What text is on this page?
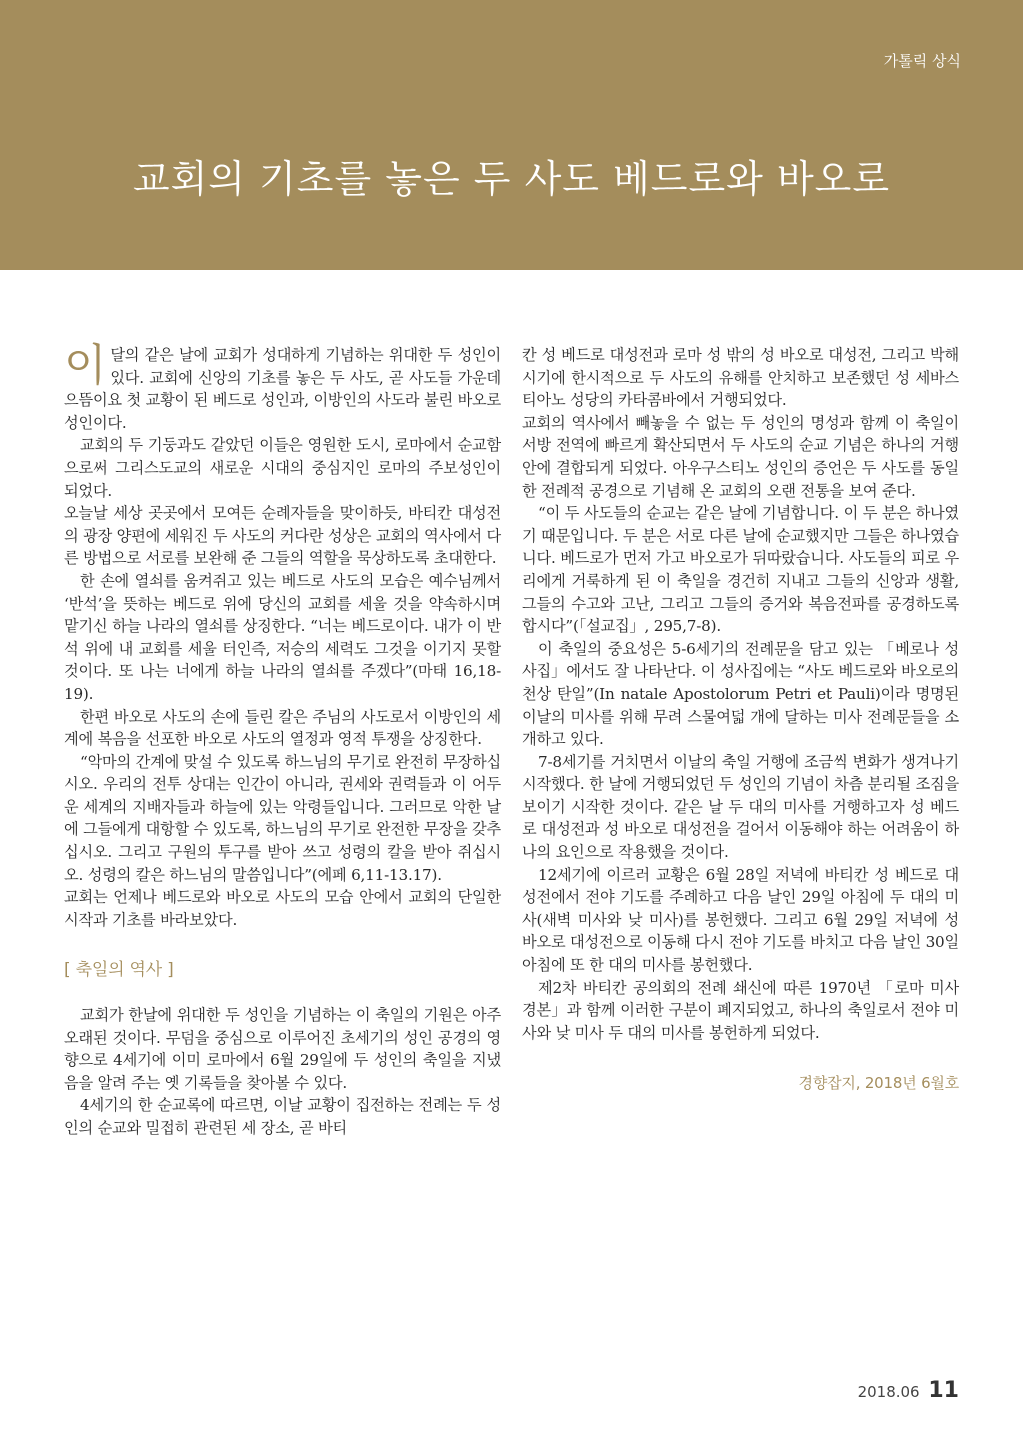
가톨릭 상식
교회의 기초를 놓은 두 사도 베드로와 바오로

이달의 같은 날에 교회가 성대하게 기념하는 위대한 두 성인이 있다. 교회에 신앙의 기초를 놓은 두 사도, 곧 사도들 가운데 으뜸이요 첫 교황이 된 베드로 성인과, 이방인의 사도라 불린 바오로 성인이다.

교회의 두 기둥과도 같았던 이들은 영원한 도시, 로마에서 순교함으로써 그리스도교의 새로운 시대의 중심지인 로마의 주보성인이 되었다.

오늘날 세상 곳곳에서 모여든 순례자들을 맞이하듯, 바티칸 대성전의 광장 양편에 세워진 두 사도의 커다란 성상은 교회의 역사에서 다른 방법으로 서로를 보완해 준 그들의 역할을 묵상하도록 초대한다.

한 손에 열쇠를 움켜쥐고 있는 베드로 사도의 모습은 예수님께서 ‘반석’을 뜻하는 베드로 위에 당신의 교회를 세울 것을 약속하시며 맡기신 하늘 나라의 열쇠를 상징한다. “너는 베드로이다. 내가 이 반석 위에 내 교회를 세울 터인즉, 저승의 세력도 그것을 이기지 못할 것이다. 또 나는 너에게 하늘 나라의 열쇠를 주겠다”(마태 16,18-19).

한편 바오로 사도의 손에 들린 칼은 주님의 사도로서 이방인의 세계에 복음을 선포한 바오로 사도의 열정과 영적 투쟁을 상징한다.

“악마의 간계에 맞설 수 있도록 하느님의 무기로 완전히 무장하십시오. 우리의 전투 상대는 인간이 아니라, 권세와 권력들과 이 어두운 세계의 지배자들과 하늘에 있는 악령들입니다. 그러므로 악한 날에 그들에게 대항할 수 있도록, 하느님의 무기로 완전한 무장을 갖추십시오. 그리고 구원의 투구를 받아 쓰고 성령의 칼을 받아 쥐십시오. 성령의 칼은 하느님의 말씀입니다”(에페 6,11-13.17).

교회는 언제나 베드로와 바오로 사도의 모습 안에서 교회의 단일한 시작과 기초를 바라보았다.

[ 축일의 역사 ]

교회가 한날에 위대한 두 성인을 기념하는 이 축일의 기원은 아주 오래된 것이다. 무덤을 중심으로 이루어진 초세기의 성인 공경의 영향으로 4세기에 이미 로마에서 6월 29일에 두 성인의 축일을 지냈음을 알려 주는 옛 기록들을 찾아볼 수 있다.

4세기의 한 순교록에 따르면, 이날 교황이 집전하는 전례는 두 성인의 순교와 밀접히 관련된 세 장소, 곧 바티

칸 성 베드로 대성전과 로마 성 밖의 성 바오로 대성전, 그리고 박해 시기에 한시적으로 두 사도의 유해를 안치하고 보존했던 성 세바스티아노 성당의 카타콤바에서 거행되었다.

교회의 역사에서 빼놓을 수 없는 두 성인의 명성과 함께 이 축일이 서방 전역에 빠르게 확산되면서 두 사도의 순교 기념은 하나의 거행 안에 결합되게 되었다. 아우구스티노 성인의 증언은 두 사도를 동일한 전례적 공경으로 기념해 온 교회의 오랜 전통을 보여 준다.

“이 두 사도들의 순교는 같은 날에 기념합니다. 이 두 분은 하나였기 때문입니다. 두 분은 서로 다른 날에 순교했지만 그들은 하나였습니다. 베드로가 먼저 가고 바오로가 뒤따랐습니다. 사도들의 피로 우리에게 거룩하게 된 이 축일을 경건히 지내고 그들의 신앙과 생활, 그들의 수고와 고난, 그리고 그들의 증거와 복음전파를 공경하도록 합시다”(「설교집」, 295,7-8).

이 축일의 중요성은 5-6세기의 전례문을 담고 있는 「베로나 성사집」에서도 잘 나타난다. 이 성사집에는 “사도 베드로와 바오로의 천상 탄일”(In natale Apostolorum Petri et Pauli)이라 명명된 이날의 미사를 위해 무려 스물여덟 개에 달하는 미사 전례문들을 소개하고 있다.

7-8세기를 거치면서 이날의 축일 거행에 조금씩 변화가 생겨나기 시작했다. 한 날에 거행되었던 두 성인의 기념이 차츰 분리될 조짐을 보이기 시작한 것이다. 같은 날 두 대의 미사를 거행하고자 성 베드로 대성전과 성 바오로 대성전을 걸어서 이동해야 하는 어려움이 하나의 요인으로 작용했을 것이다.

12세기에 이르러 교황은 6월 28일 저녁에 바티칸 성 베드로 대성전에서 전야 기도를 주례하고 다음 날인 29일 아침에 두 대의 미사(새벽 미사와 낮 미사)를 봉헌했다. 그리고 6월 29일 저녁에 성 바오로 대성전으로 이동해 다시 전야 기도를 바치고 다음 날인 30일 아침에 또 한 대의 미사를 봉헌했다.

제2차 바티칸 공의회의 전례 쇄신에 따른 1970년 「로마 미사 경본」과 함께 이러한 구분이 폐지되었고, 하나의 축일로서 전야 미사와 낮 미사 두 대의 미사를 봉헌하게 되었다.

경향잡지, 2018년 6월호

2018.06 11
